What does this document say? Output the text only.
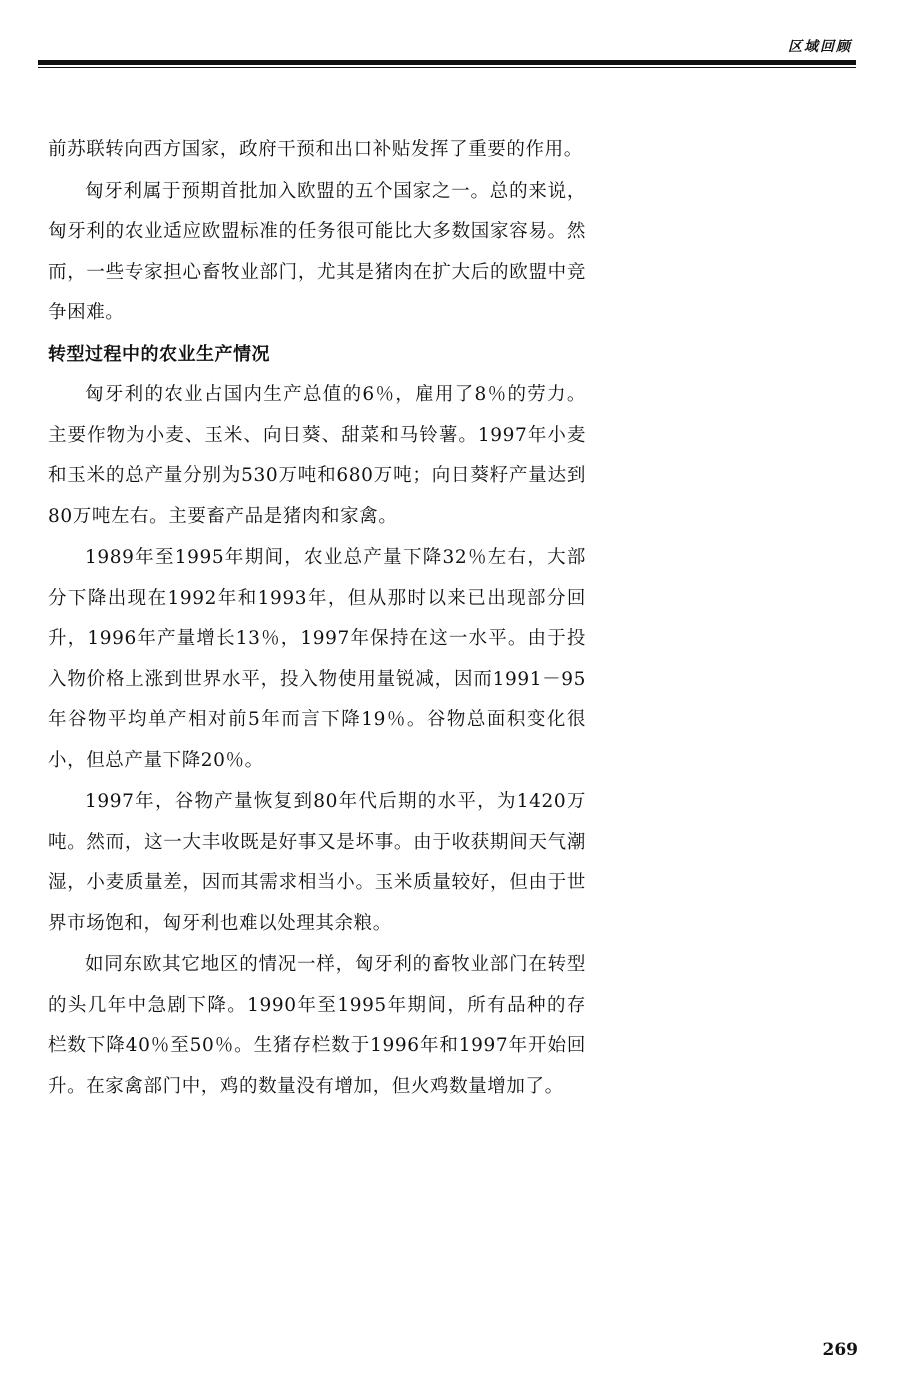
区域回顾

前苏联转向西方国家，政府干预和出口补贴发挥了重要的作用。

匈牙利属于预期首批加入欧盟的五个国家之一。总的来说，匈牙利的农业适应欧盟标准的任务很可能比大多数国家容易。然而，一些专家担心畜牧业部门，尤其是猪肉在扩大后的欧盟中竞争困难。

转型过程中的农业生产情况

匈牙利的农业占国内生产总值的6％，雇用了8％的劳力。主要作物为小麦、玉米、向日葵、甜菜和马铃薯。1997年小麦和玉米的总产量分别为530万吨和680万吨；向日葵籽产量达到80万吨左右。主要畜产品是猪肉和家禽。

1989年至1995年期间，农业总产量下降32％左右，大部分下降出现在1992年和1993年，但从那时以来已出现部分回升，1996年产量增长13％，1997年保持在这一水平。由于投入物价格上涨到世界水平，投入物使用量锐减，因而1991－95年谷物平均单产相对前5年而言下降19％。谷物总面积变化很小，但总产量下降20％。

1997年，谷物产量恢复到80年代后期的水平，为1420万吨。然而，这一大丰收既是好事又是坏事。由于收获期间天气潮湿，小麦质量差，因而其需求相当小。玉米质量较好，但由于世界市场饱和，匈牙利也难以处理其余粮。

如同东欧其它地区的情况一样，匈牙利的畜牧业部门在转型的头几年中急剧下降。1990年至1995年期间，所有品种的存栏数下降40％至50％。生猪存栏数于1996年和1997年开始回升。在家禽部门中，鸡的数量没有增加，但火鸡数量增加了。

269
